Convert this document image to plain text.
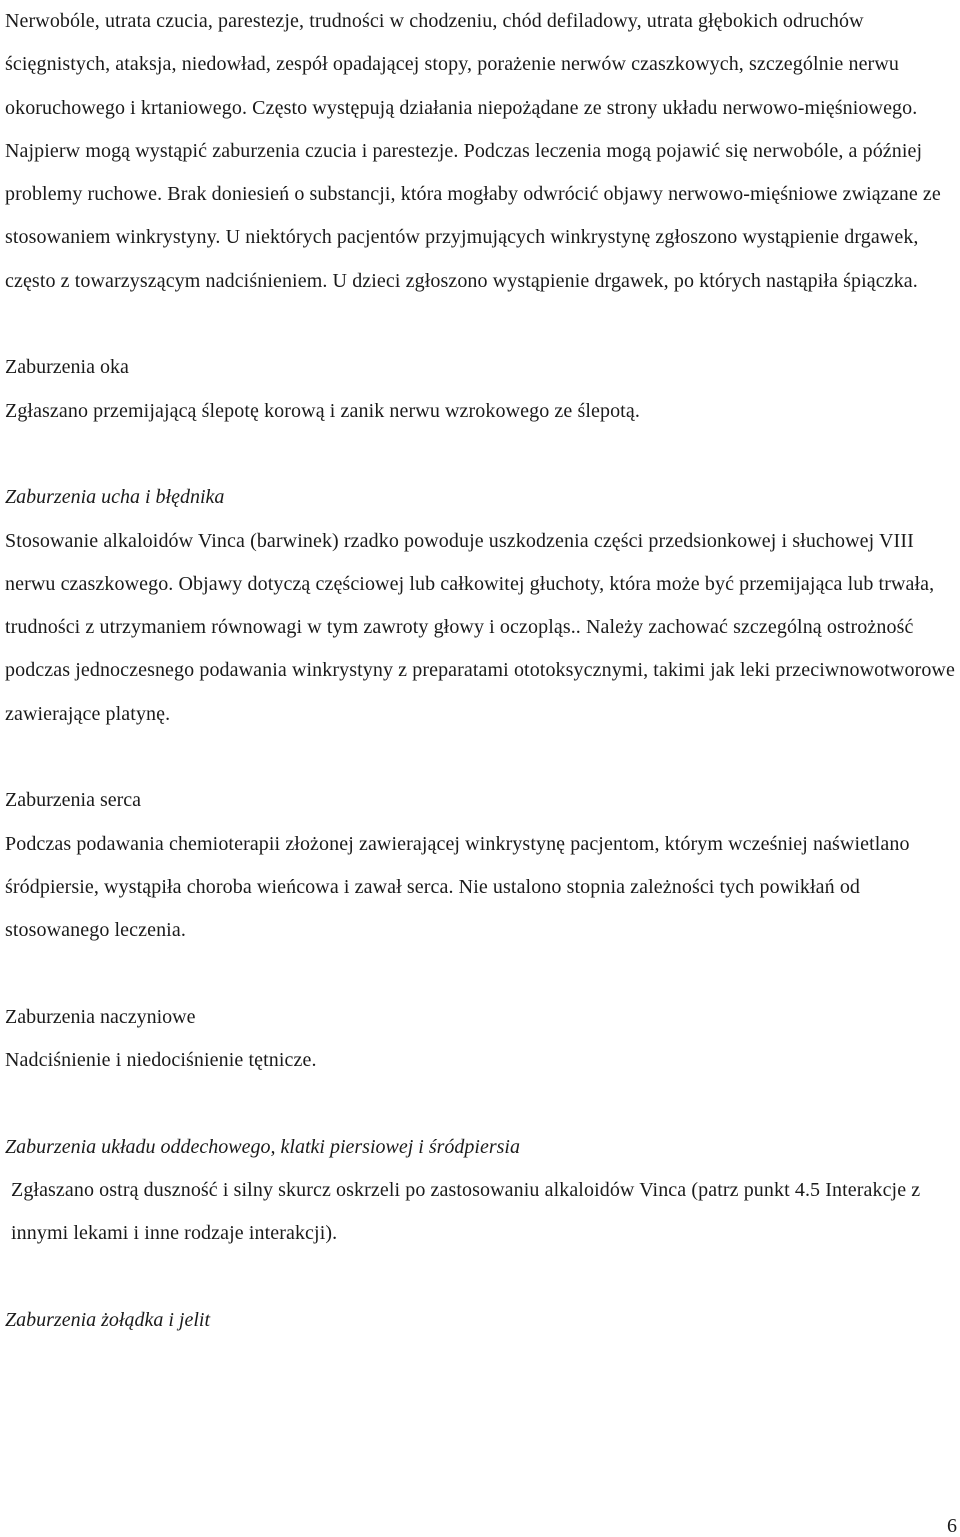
Nerwobóle, utrata czucia, parestezje, trudności w chodzeniu, chód defiladowy, utrata głębokich odruchów ścięgnistych, ataksja, niedowład, zespół opadającej stopy, porażenie nerwów czaszkowych, szczególnie nerwu okoruchowego i krtaniowego. Często występują działania niepożądane ze strony układu nerwowo-mięśniowego. Najpierw mogą wystąpić zaburzenia czucia i parestezje. Podczas leczenia mogą pojawić się nerwobóle, a później problemy ruchowe. Brak doniesień o substancji, która mogłaby odwrócić objawy nerwowo-mięśniowe związane ze stosowaniem winkrystyny. U niektórych pacjentów przyjmujących winkrystynę zgłoszono wystąpienie drgawek, często z towarzyszącym nadciśnieniem. U dzieci zgłoszono wystąpienie drgawek, po których nastąpiła śpiączka.

Zaburzenia oka

Zgłaszano przemijającą ślepotę korową i zanik nerwu wzrokowego ze ślepotą.

Zaburzenia ucha i błędnika

Stosowanie alkaloidów Vinca (barwinek) rzadko powoduje uszkodzenia części przedsionkowej i słuchowej VIII nerwu czaszkowego. Objawy dotyczą częściowej lub całkowitej głuchoty, która może być przemijająca lub trwała, trudności z utrzymaniem równowagi w tym zawroty głowy i oczopląs.. Należy zachować szczególną ostrożność podczas jednoczesnego podawania winkrystyny z preparatami ototoksycznymi, takimi jak leki przeciwnowotworowe zawierające platynę.

Zaburzenia serca

Podczas podawania chemioterapii złożonej zawierającej winkrystynę pacjentom, którym wcześniej naświetlano śródpiersie, wystąpiła choroba wieńcowa i zawał serca. Nie ustalono stopnia zależności tych powikłań od stosowanego leczenia.

Zaburzenia naczyniowe

Nadciśnienie i niedociśnienie tętnicze.

Zaburzenia układu oddechowego, klatki piersiowej i śródpiersia

Zgłaszano ostrą duszność i silny skurcz oskrzeli po zastosowaniu alkaloidów Vinca (patrz punkt 4.5 Interakcje z innymi lekami i inne rodzaje interakcji).

Zaburzenia żołądka i jelit

6
